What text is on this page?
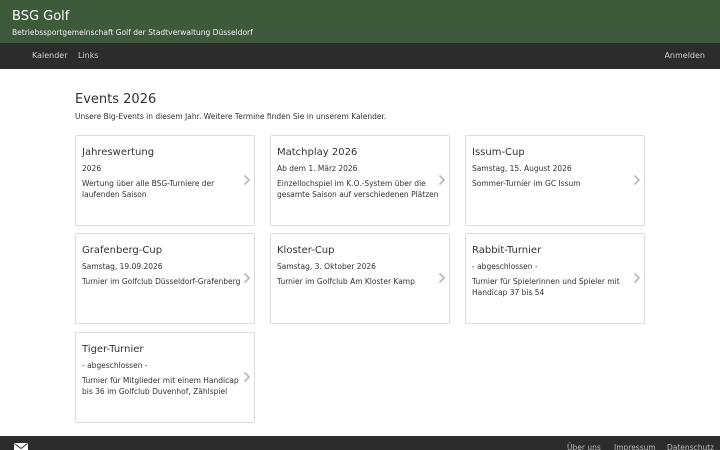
BSG Golf
Betriebssportgemeinschaft Golf der Stadtverwaltung Düsseldorf
Kalender Links	Anmelden
Events 2026

Unsere Big-Events in diesem Jahr. Weitere Termine finden Sie in unserem Kalender.

Jahreswertung
2026
Wertung über alle BSG-Turniere der laufenden Saison
Matchplay 2026
Ab dem 1. März 2026
Einzellochspiel im K.O.-System über die gesamte Saison auf verschiedenen Plätzen
Issum-Cup
Samstag, 15. August 2026
Sommer-Turnier im GC Issum
Grafenberg-Cup
Samstag, 19.09.2026
Turnier im Golfclub Düsseldorf-Grafenberg
Kloster-Cup
Samstag, 3. Oktober 2026
Turnier im Golfclub Am Kloster Kamp
Rabbit-Turnier
- abgeschlossen -
Turnier für Spielerinnen und Spieler mit Handicap 37 bis 54
Tiger-Turnier
- abgeschlossen -
Turnier für Mitglieder mit einem Handicap bis 36 im Golfclub Duvenhof, Zählspiel
Über uns Impressum Datenschutz
